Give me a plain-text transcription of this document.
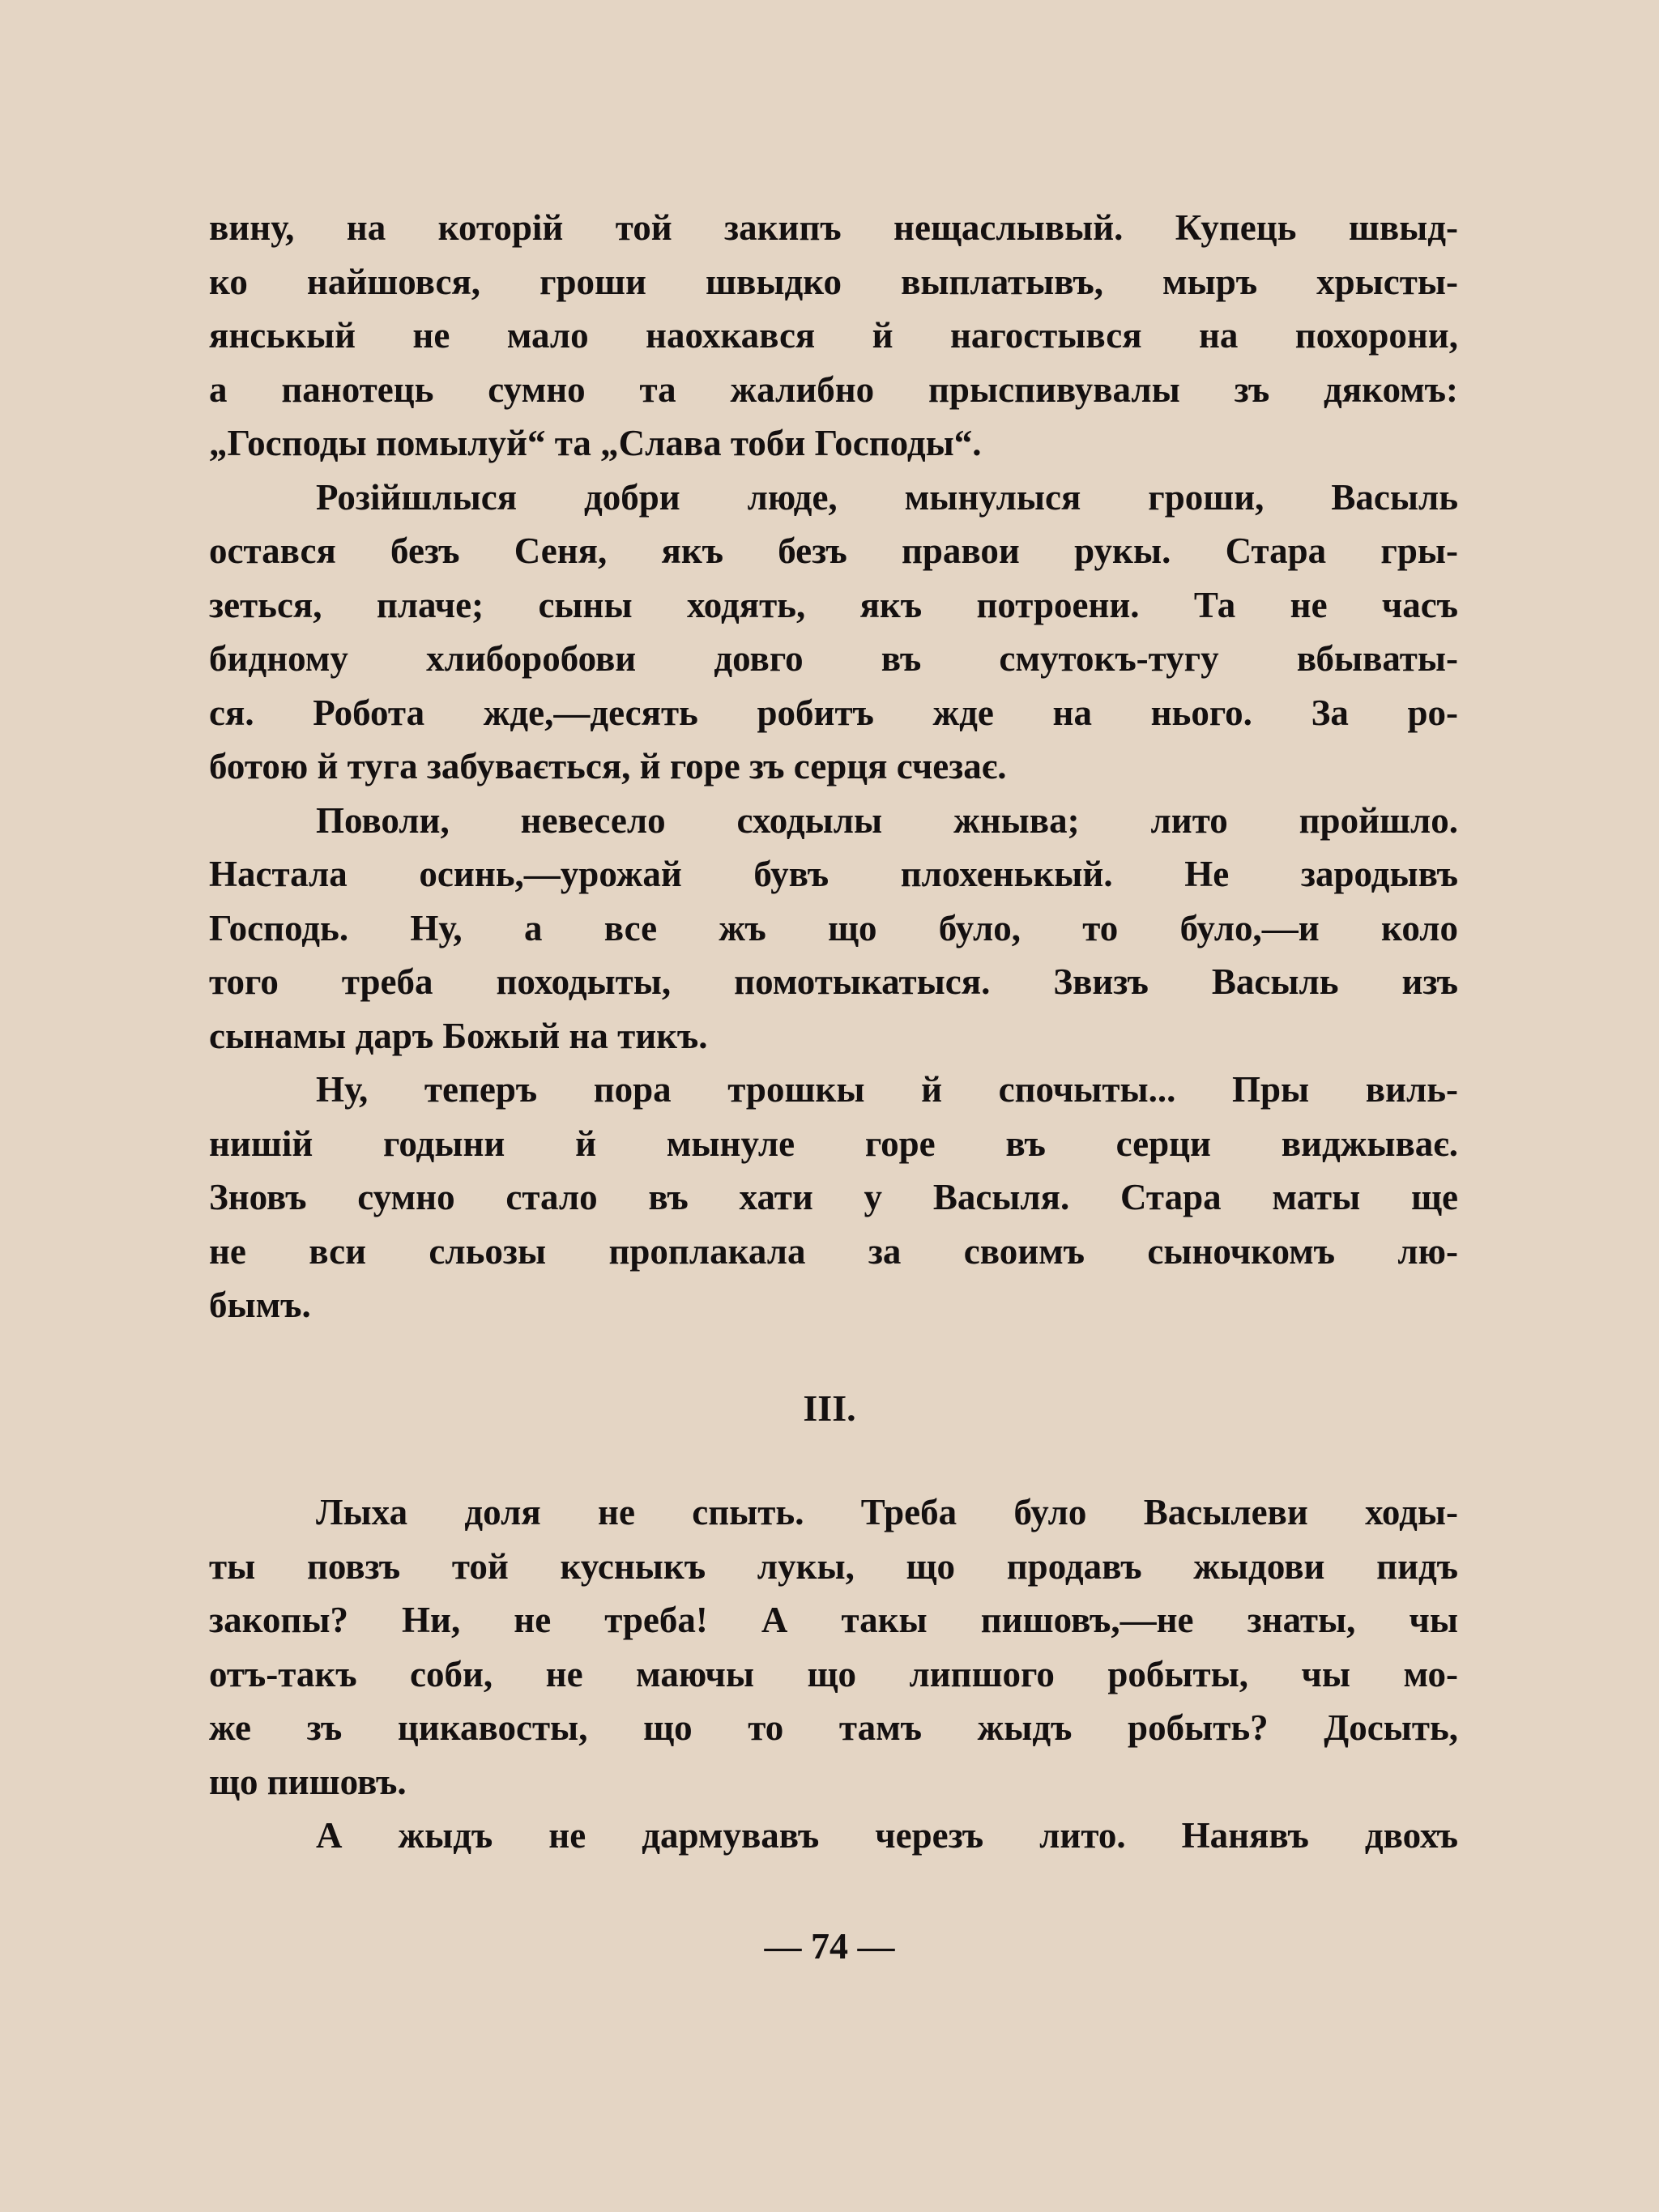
вину, на которій той закипъ нещаслывый. Купець швыд-
ко найшовся, гроши швыдко выплатывъ, мыръ хрысты-
янськый не мало наохкався й нагостывся на похорони,
а панотець сумно та жалибно прыспивувалы зъ дякомъ:
„Господы помылуй“ та „Слава тоби Господы“.
Розійшлыся добри люде, мынулыся гроши, Васыль
остався безъ Сеня, якъ безъ правои рукы. Стара гры-
зеться, плаче; сыны ходять, якъ потроени. Та не часъ
бидному хлиборобови довго въ смутокъ-тугу вбываты-
ся. Робота жде,—десять робитъ жде на нього. За ро-
ботою й туга забувається, й горе зъ серця счезає.
Поволи, невесело сходылы жныва; лито пройшло.
Настала осинь,—урожай бувъ плохенькый. Не зародывъ
Господь. Ну, а все жъ що було, то було,—и коло
того треба походыты, помотыкатыся. Звизъ Васыль изъ
сынамы даръ Божый на тикъ.
Ну, теперъ пора трошкы й спочыты... Пры виль-
нишій годыни й мынуле горе въ серци виджыває.
Зновъ сумно стало въ хати у Васыля. Стара маты ще
не вси сльозы проплакала за своимъ сыночкомъ лю-
бымъ.
III.
Лыха доля не спыть. Треба було Васылеви ходы-
ты повзъ той кусныкъ лукы, що продавъ жыдови пидъ
закопы? Ни, не треба! А такы пишовъ,—не знаты, чы
отъ-такъ соби, не маючы що липшого робыты, чы мо-
же зъ цикавосты, що то тамъ жыдъ робыть? Досыть,
що пишовъ.
А жыдъ не дармувавъ черезъ лито. Нанявъ двохъ
— 74 —
